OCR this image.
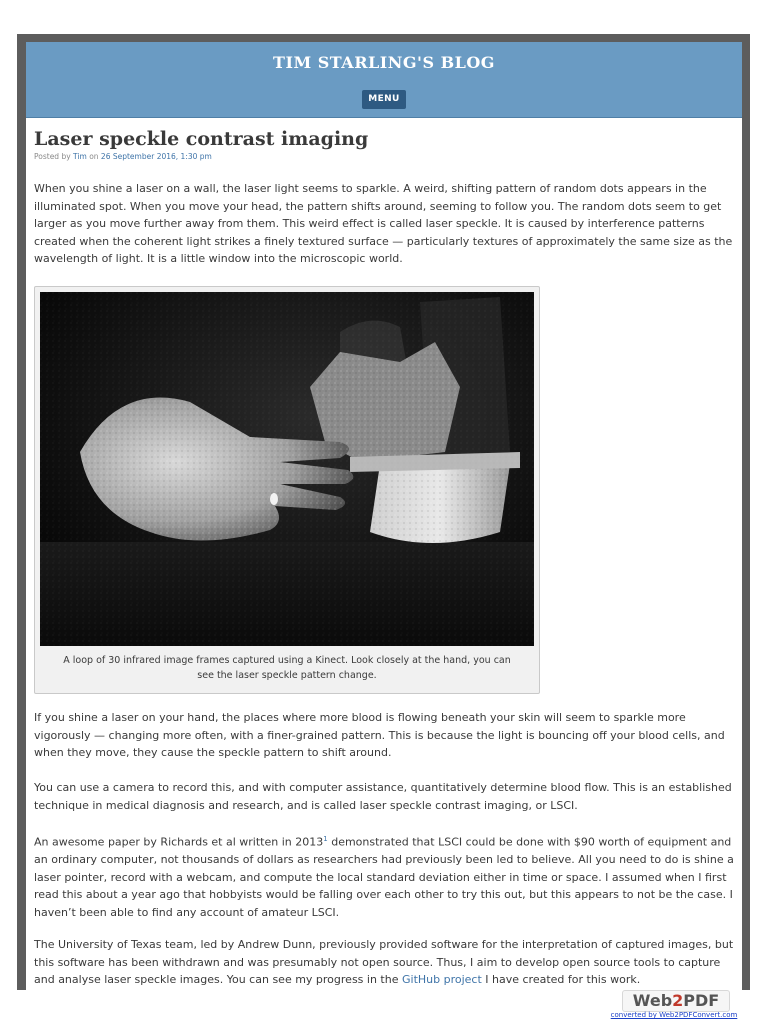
TIM STARLING'S BLOG
MENU
Laser speckle contrast imaging
Posted by Tim on 26 September 2016, 1:30 pm

When you shine a laser on a wall, the laser light seems to sparkle. A weird, shifting pattern of random dots appears in the illuminated spot. When you move your head, the pattern shifts around, seeming to follow you. The random dots seem to get larger as you move further away from them. This weird effect is called laser speckle. It is caused by interference patterns created when the coherent light strikes a finely textured surface — particularly textures of approximately the same size as the wavelength of light. It is a little window into the microscopic world.

A loop of 30 infrared image frames captured using a Kinect. Look closely at the hand, you can see the laser speckle pattern change.

If you shine a laser on your hand, the places where more blood is flowing beneath your skin will seem to sparkle more vigorously — changing more often, with a finer-grained pattern. This is because the light is bouncing off your blood cells, and when they move, they cause the speckle pattern to shift around.

You can use a camera to record this, and with computer assistance, quantitatively determine blood flow. This is an established technique in medical diagnosis and research, and is called laser speckle contrast imaging, or LSCI.

An awesome paper by Richards et al written in 2013$^1$ demonstrated that LSCI could be done with $90 worth of equipment and an ordinary computer, not thousands of dollars as researchers had previously been led to believe. All you need to do is shine a laser pointer, record with a webcam, and compute the local standard deviation either in time or space. I assumed when I first read this about a year ago that hobbyists would be falling over each other to try this out, but this appears to not be the case. I haven’t been able to find any account of amateur LSCI.

The University of Texas team, led by Andrew Dunn, previously provided software for the interpretation of captured images, but this software has been withdrawn and was presumably not open source. Thus, I aim to develop open source tools to capture and analyse laser speckle images. You can see my progress in the GitHub project I have created for this work.

Web2PDF
converted by Web2PDFConvert.com
